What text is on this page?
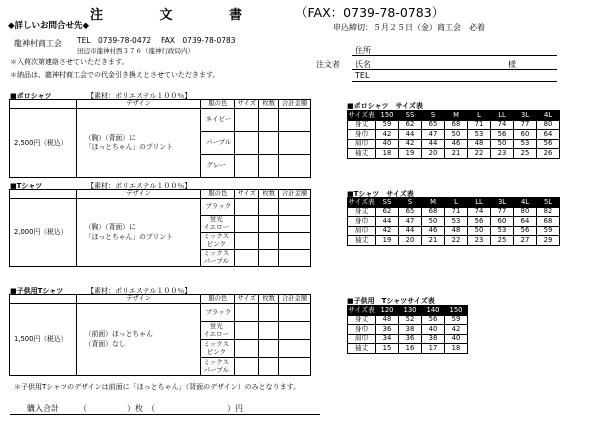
注 文 書 （FAX：0739-78-0783）
申込締切：５月２５日（金）商工会　必着
◆詳しいお問合せ先◆
龍神村商工会 TEL　0739-78-0472　 FAX　0739-78-0783
田辺市龍神村西３７６（龍神行政局内）
＊入荷次第連絡させていただきます。
＊納品は、龍神村商工会での代金引き換えとさせていただきます。
住所
注文者 氏名	様
TEL
■ポロシャツ	【素材：ポリエステル１００％】
	デザイン	服の色	サイズ	枚数	合計金額
2,500円（税込）	（胸）（背面）に
「ほっとちゃん」のプリント	ネイビー			
		パープル			
		グレー			
■Tシャツ	【素材：ポリエステル１００％】
	デザイン	服の色	サイズ	枚数	合計金額
2,000円（税込）	（胸）（背面）に
「ほっとちゃん」のプリント	ブラック			
		蛍光
イエロー			
		ミックス
ピンク			
		ミックス
パープル			
■子供用Tシャツ	【素材：ポリエステル１００％】
	デザイン	服の色	サイズ	枚数	合計金額
1,500円（税込）	（前面）ほっとちゃん
（背面）なし	ブラック			
		蛍光
イエロー			
		ミックス
ピンク			
		ミックス
パープル			
■ポロシャツ　サイズ表
サイズ表	150	SS	S	M	L	LL	3L	4L
身丈	59	62	65	68	71	74	77	80
身巾	42	44	47	50	53	56	60	64
肩巾	40	42	44	46	48	50	53	56
袖丈	18	19	20	21	22	23	25	26
■Tシャツ　サイズ表
サイズ表	SS	S	M	L	LL	3L	4L	5L
身丈	62	65	68	71	74	77	80	82
身巾	44	47	50	53	56	60	64	68
肩巾	42	44	46	48	50	53	56	59
袖丈	19	20	21	22	23	25	27	29
■子供用　Tシャツサイズ表
サイズ表	120	130	140	150
身丈	48	52	56	59
身巾	36	38	40	42
肩巾	34	36	38	40
袖丈	15	16	17	18
＊子供用Tシャツのデザインは前面に「ほっとちゃん」（背面のデザイン）のみとなります。
購入合計　　　（　　　　　）枚　（　　　　　　　　　）円
